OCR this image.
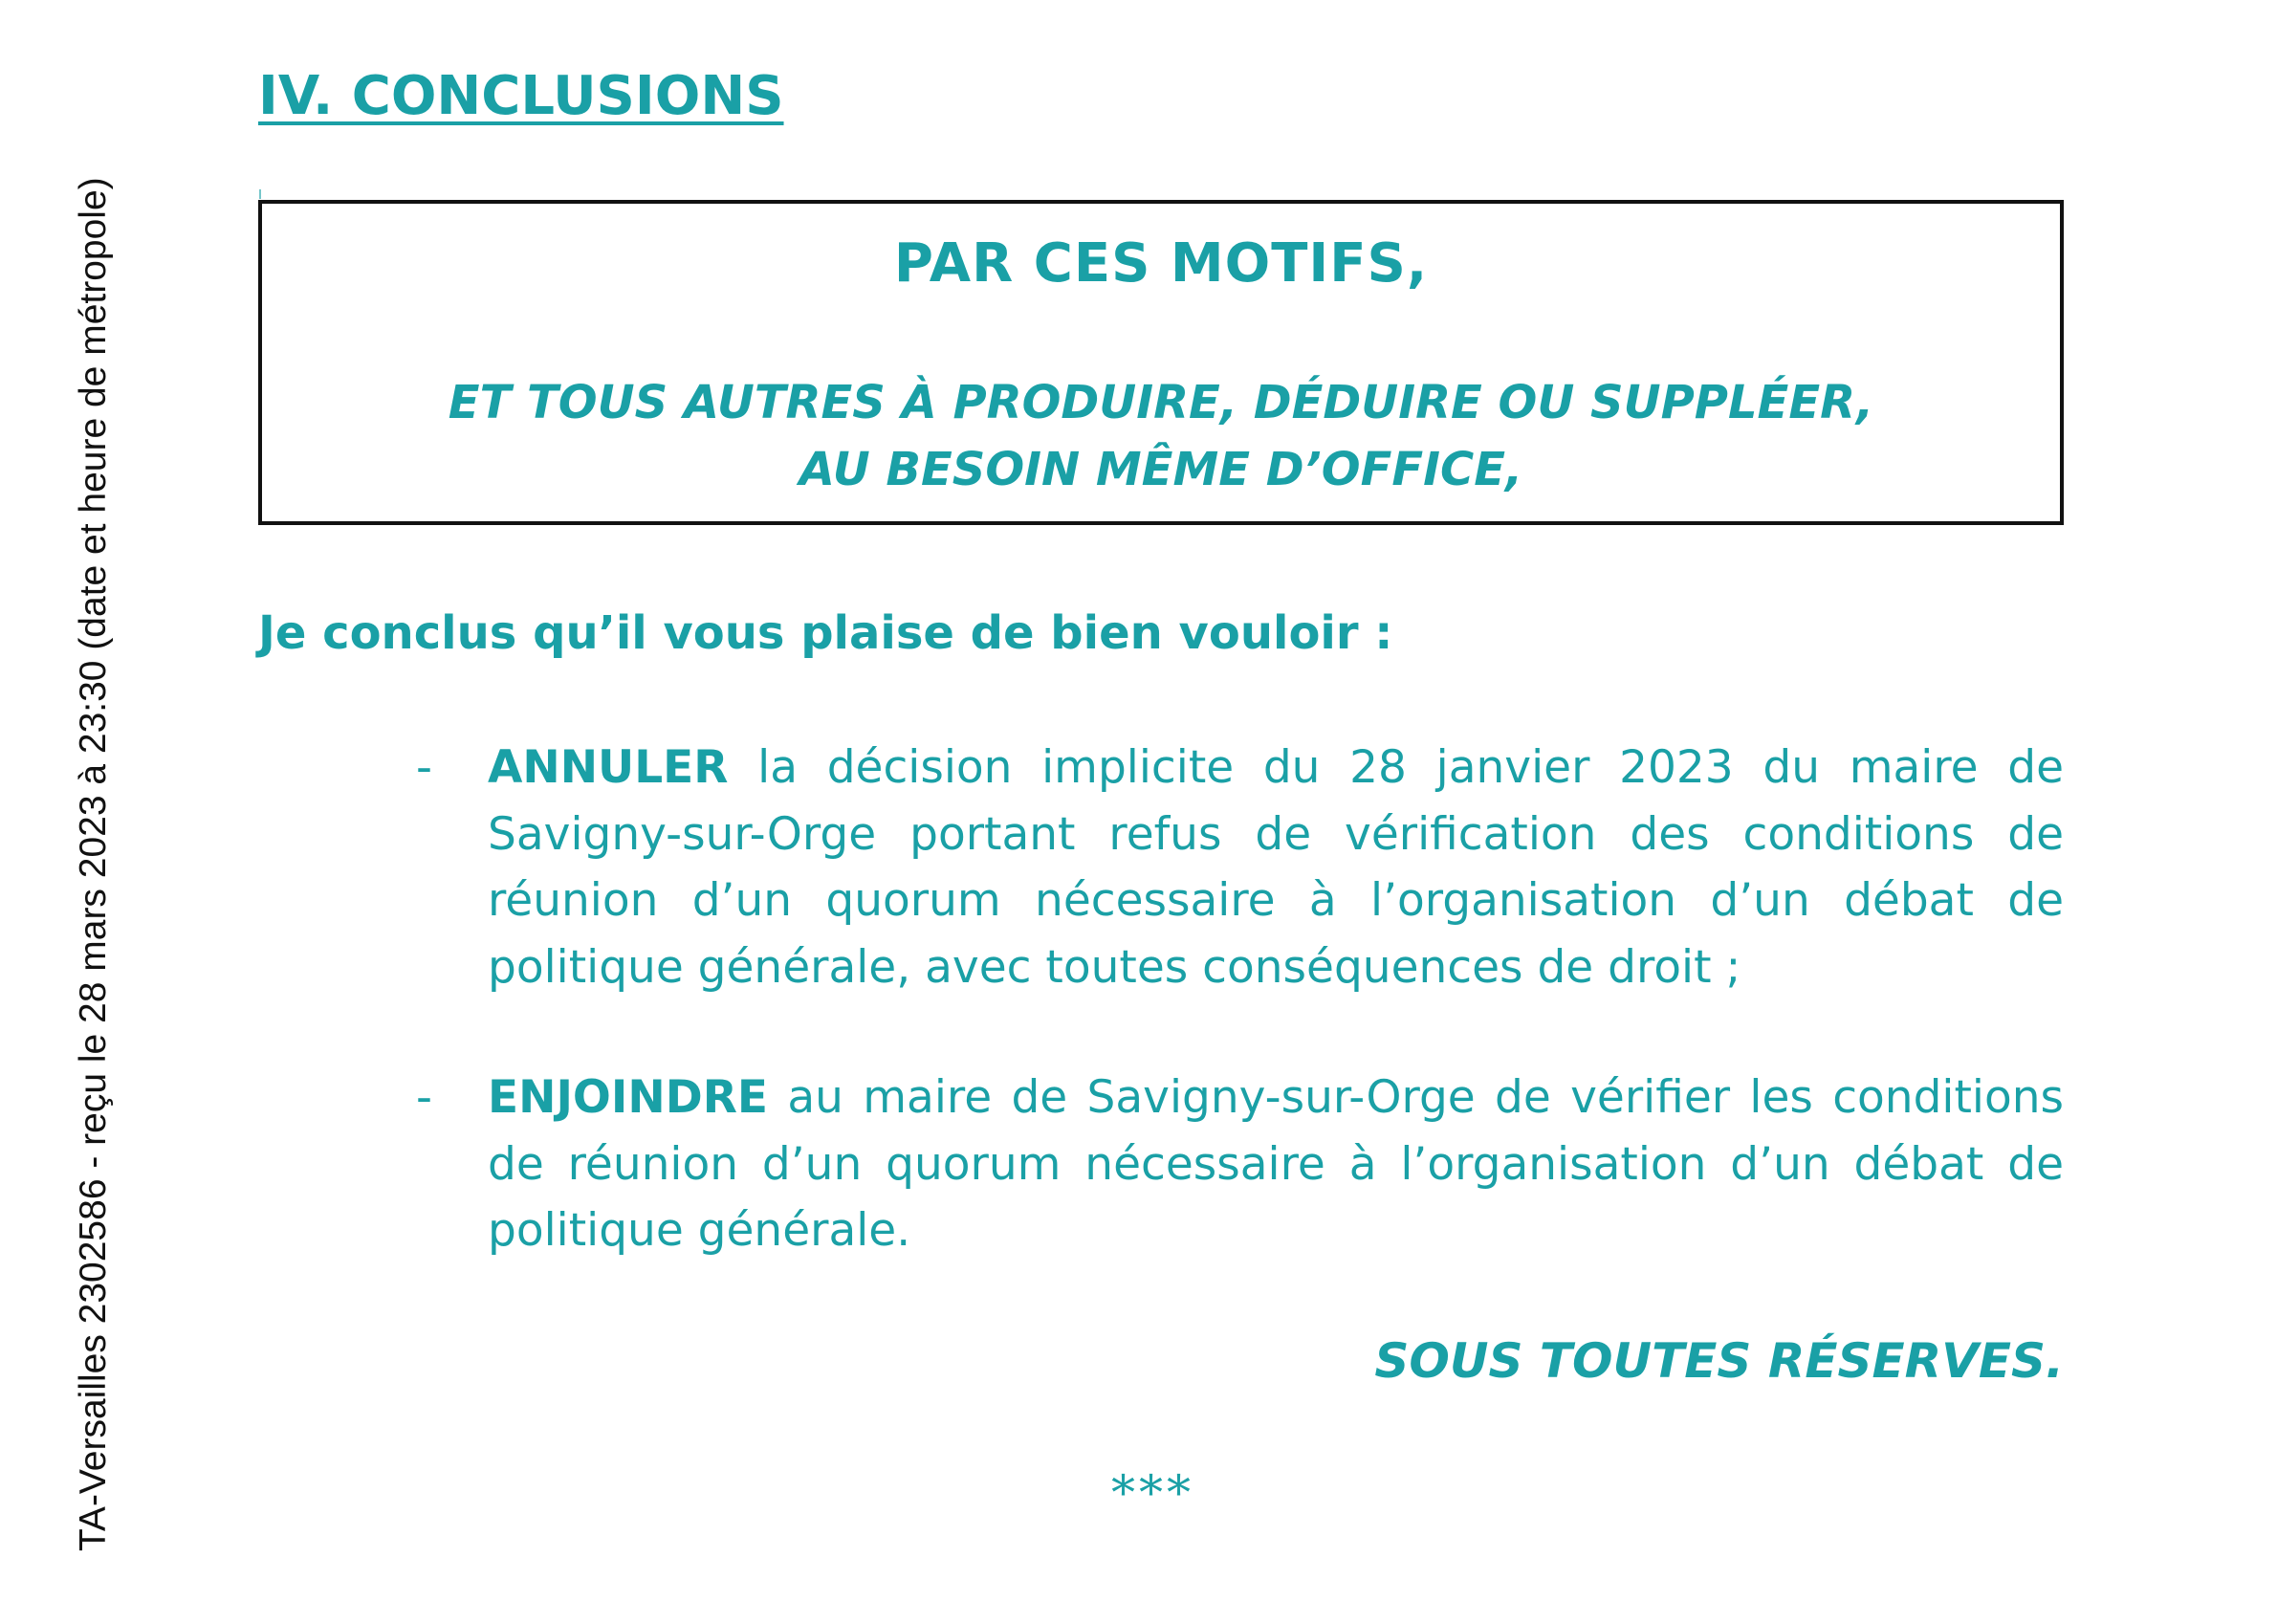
TA-Versailles 2302586 - reçu le 28 mars 2023 à 23:30 (date et heure de métropole)
IV. CONCLUSIONS
PAR CES MOTIFS,
ET TOUS AUTRES À PRODUIRE, DÉDUIRE OU SUPPLÉER,
AU BESOIN MÊME D’OFFICE,
Je conclus qu’il vous plaise de bien vouloir :
- ANNULER la décision implicite du 28 janvier 2023 du maire de Savigny-sur-Orge portant refus de vérification des conditions de réunion d’un quorum nécessaire à l’organisation d’un débat de politique générale, avec toutes conséquences de droit ;
- ENJOINDRE au maire de Savigny-sur-Orge de vérifier les conditions de réunion d’un quorum nécessaire à l’organisation d’un débat de politique générale.
SOUS TOUTES RÉSERVES.
***
